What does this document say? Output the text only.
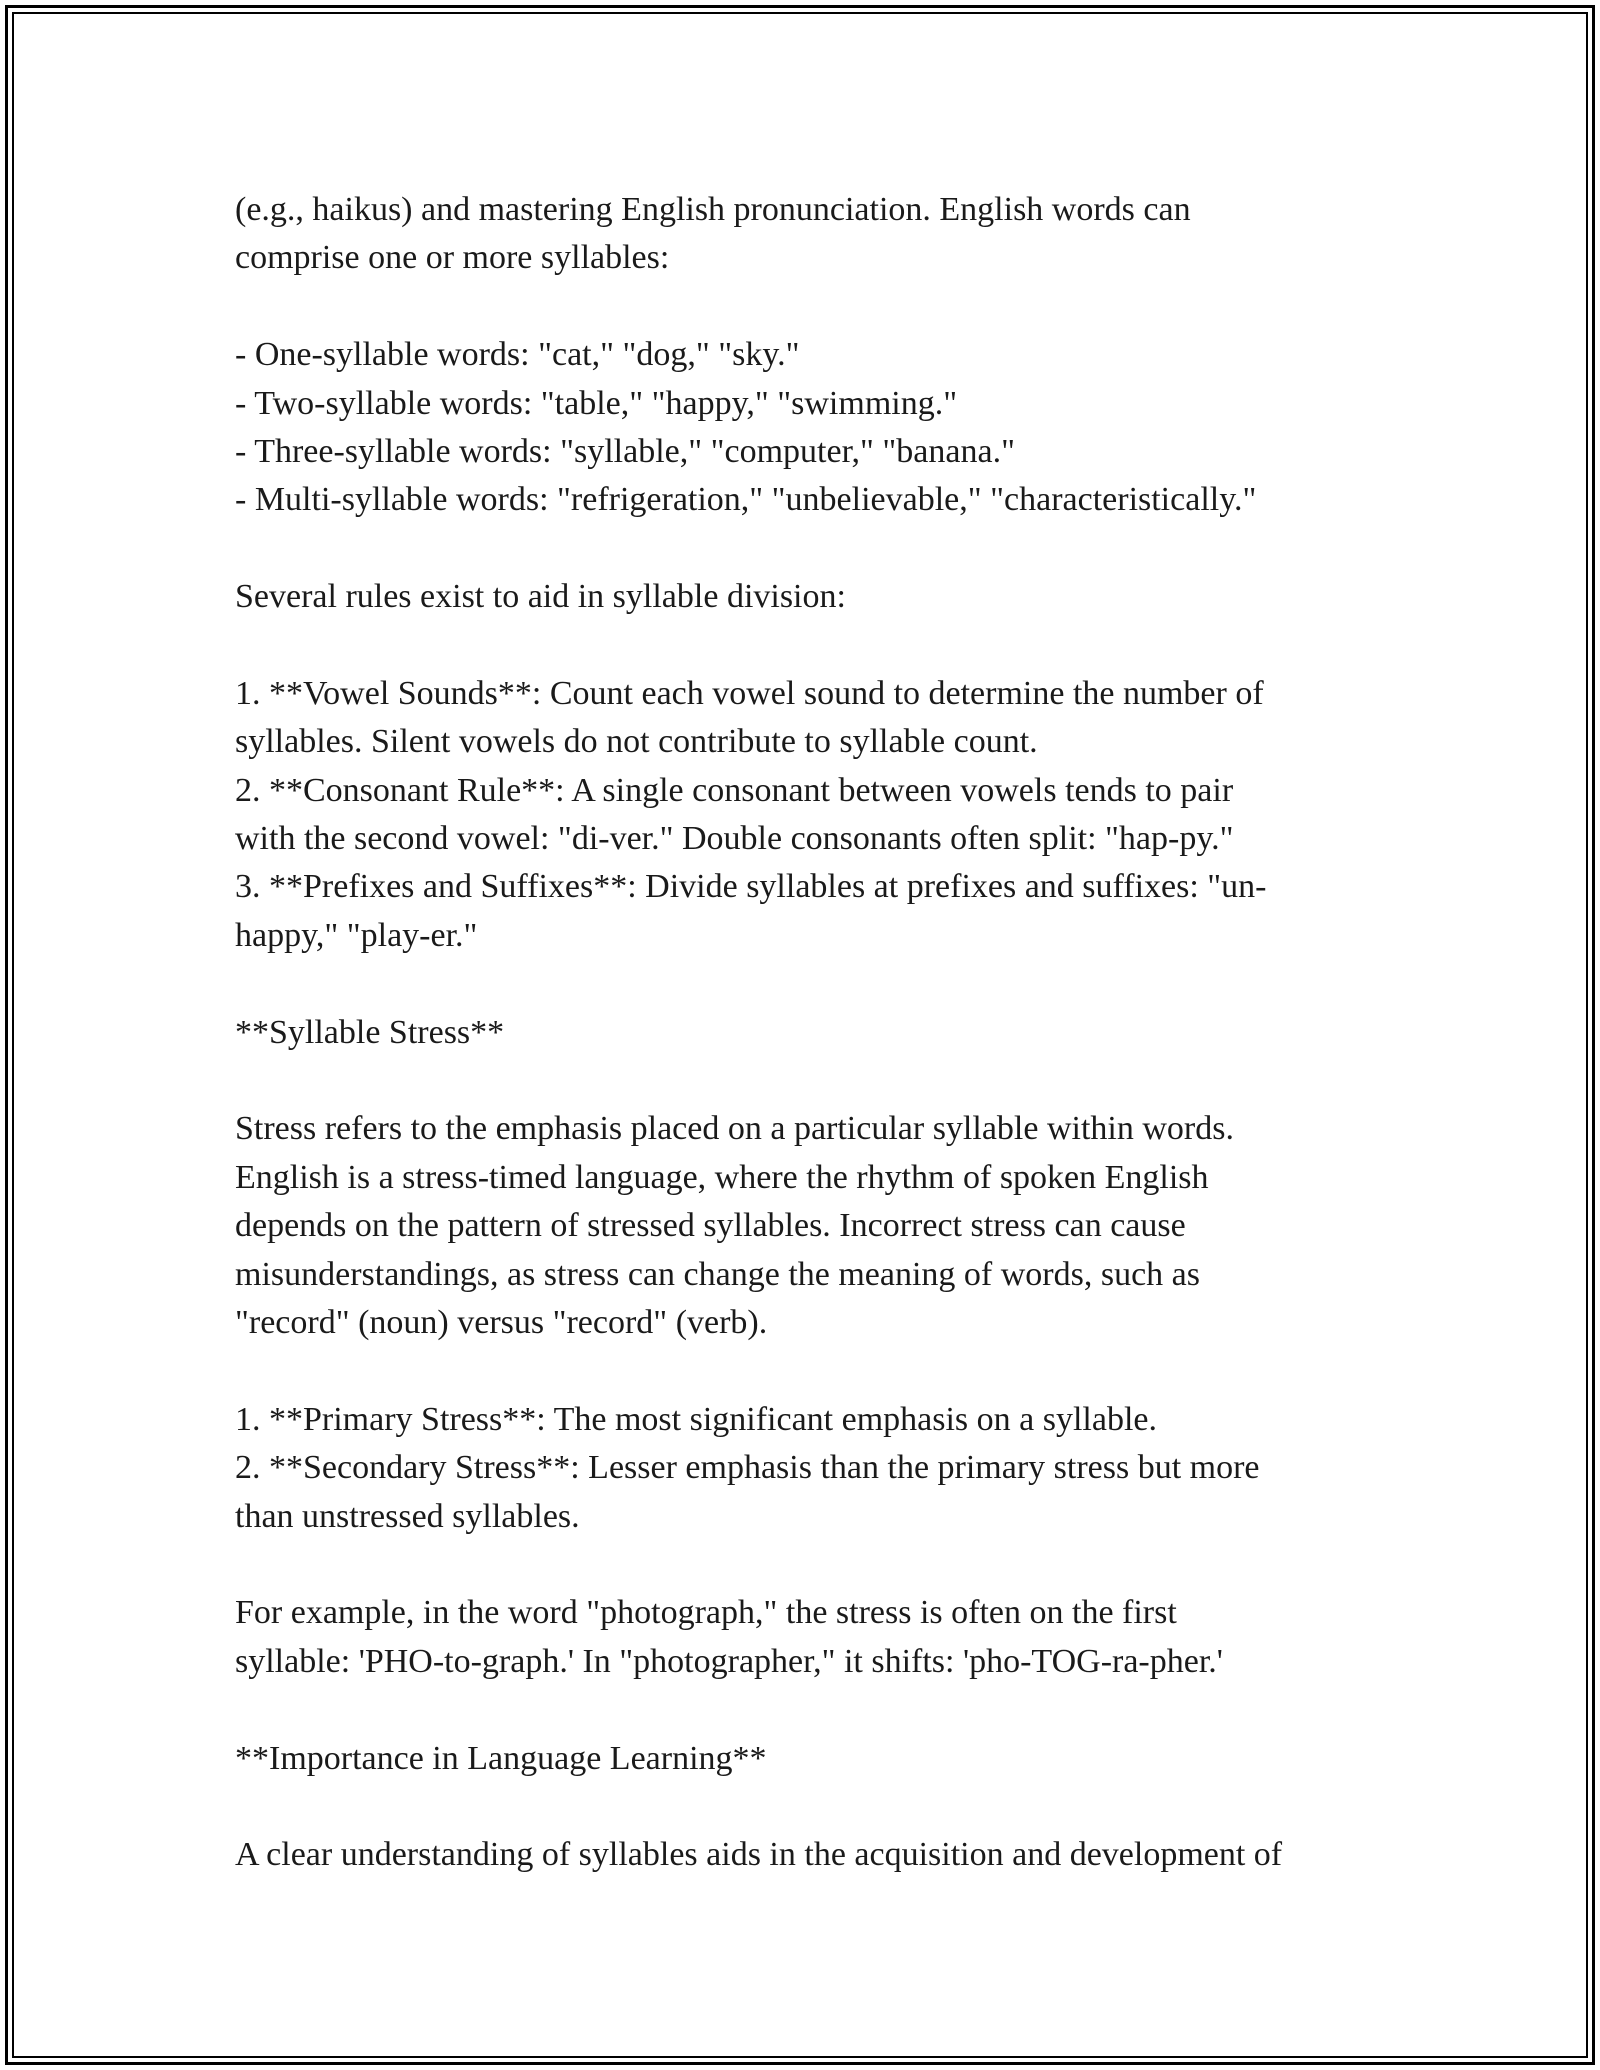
(e.g., haikus) and mastering English pronunciation. English words can
comprise one or more syllables:
- One-syllable words: "cat," "dog," "sky."
- Two-syllable words: "table," "happy," "swimming."
- Three-syllable words: "syllable," "computer," "banana."
- Multi-syllable words: "refrigeration," "unbelievable," "characteristically."
Several rules exist to aid in syllable division:
1. **Vowel Sounds**: Count each vowel sound to determine the number of
syllables. Silent vowels do not contribute to syllable count.
2. **Consonant Rule**: A single consonant between vowels tends to pair
with the second vowel: "di-ver." Double consonants often split: "hap-py."
3. **Prefixes and Suffixes**: Divide syllables at prefixes and suffixes: "un-
happy," "play-er."
**Syllable Stress**
Stress refers to the emphasis placed on a particular syllable within words.
English is a stress-timed language, where the rhythm of spoken English
depends on the pattern of stressed syllables. Incorrect stress can cause
misunderstandings, as stress can change the meaning of words, such as
"record" (noun) versus "record" (verb).
1. **Primary Stress**: The most significant emphasis on a syllable.
2. **Secondary Stress**: Lesser emphasis than the primary stress but more
than unstressed syllables.
For example, in the word "photograph," the stress is often on the first
syllable: 'PHO-to-graph.' In "photographer," it shifts: 'pho-TOG-ra-pher.'
**Importance in Language Learning**
A clear understanding of syllables aids in the acquisition and development of
